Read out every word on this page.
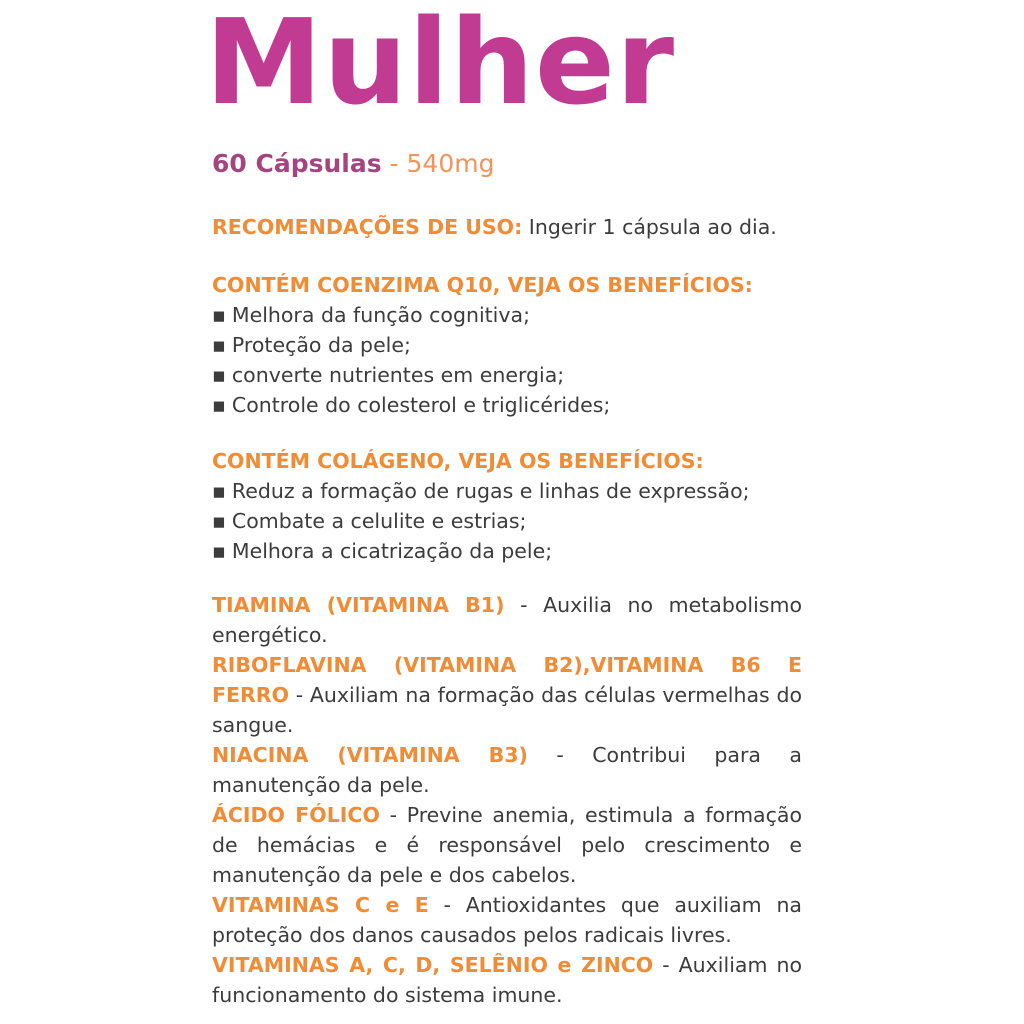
Mulher

60 Cápsulas - 540mg

RECOMENDAÇÕES DE USO: Ingerir 1 cápsula ao dia.

CONTÉM COENZIMA Q10, VEJA OS BENEFÍCIOS:
▪ Melhora da função cognitiva;
▪ Proteção da pele;
▪ converte nutrientes em energia;
▪ Controle do colesterol e triglicérides;
CONTÉM COLÁGENO, VEJA OS BENEFÍCIOS:
▪ Reduz a formação de rugas e linhas de expressão;
▪ Combate a celulite e estrias;
▪ Melhora a cicatrização da pele;

TIAMINA (VITAMINA B1) - Auxilia no metabolismo energético.

RIBOFLAVINA (VITAMINA B2),VITAMINA B6 E FERRO - Auxiliam na formação das células vermelhas do sangue.

NIACINA (VITAMINA B3) - Contribui para a manutenção da pele.

ÁCIDO FÓLICO - Previne anemia, estimula a formação de hemácias e é responsável pelo crescimento e manutenção da pele e dos cabelos.

VITAMINAS C e E - Antioxidantes que auxiliam na proteção dos danos causados pelos radicais livres.

VITAMINAS A, C, D, SELÊNIO e ZINCO - Auxiliam no funcionamento do sistema imune.
